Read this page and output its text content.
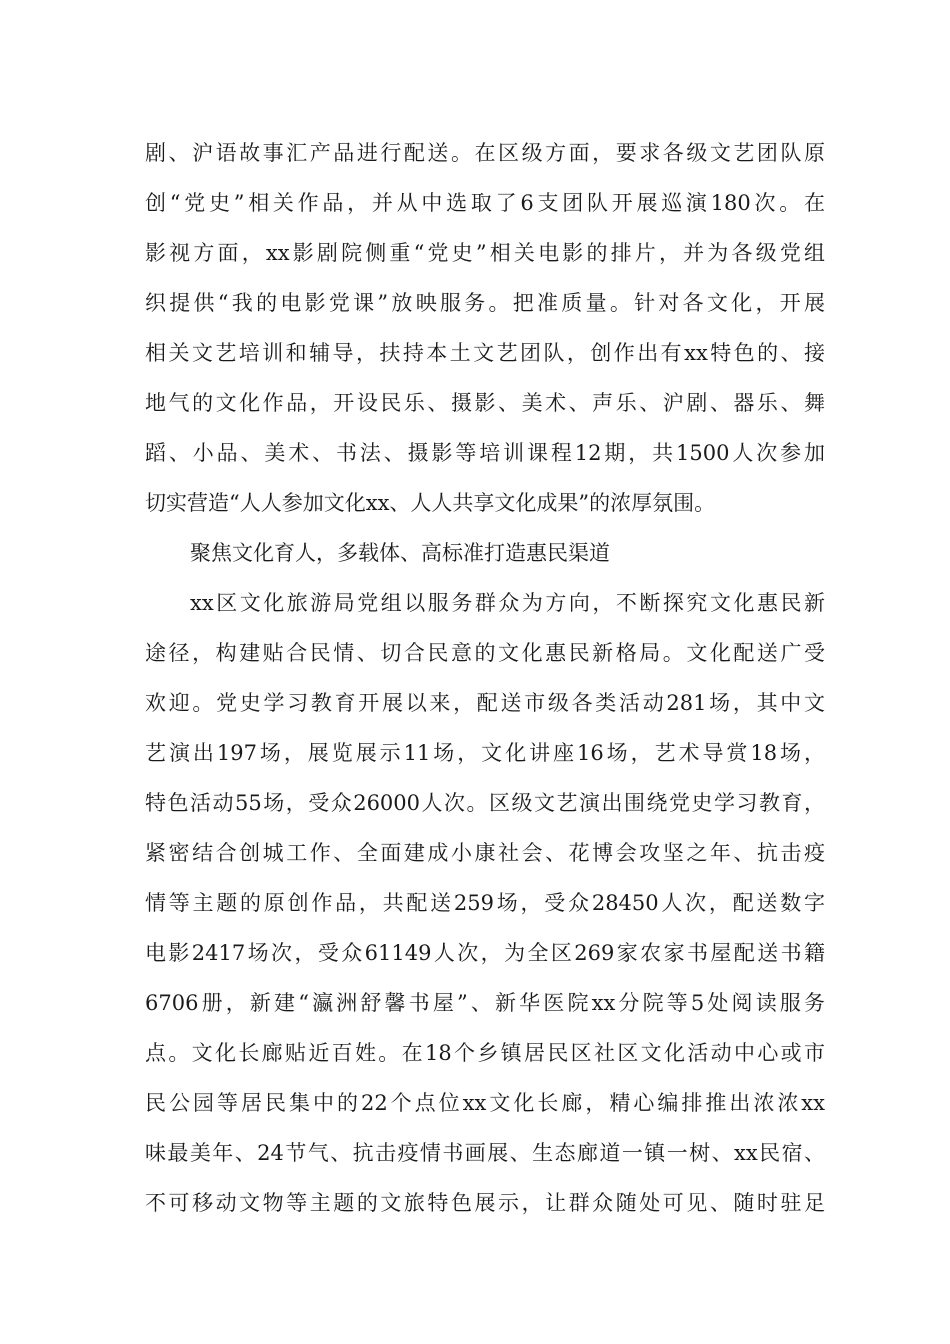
剧、沪语故事汇产品进行配送。在区级方面，要求各级文艺团队原
创“党史”相关作品，并从中选取了6支团队开展巡演180次。在
影视方面，xx影剧院侧重“党史”相关电影的排片，并为各级党组
织提供“我的电影党课”放映服务。把准质量。针对各文化，开展
相关文艺培训和辅导，扶持本土文艺团队，创作出有xx特色的、接
地气的文化作品，开设民乐、摄影、美术、声乐、沪剧、器乐、舞
蹈、小品、美术、书法、摄影等培训课程12期，共1500人次参加
切实营造“人人参加文化xx、人人共享文化成果”的浓厚氛围。
聚焦文化育人，多载体、高标准打造惠民渠道
xx区文化旅游局党组以服务群众为方向，不断探究文化惠民新
途径，构建贴合民情、切合民意的文化惠民新格局。文化配送广受
欢迎。党史学习教育开展以来，配送市级各类活动281场，其中文
艺演出197场，展览展示11场，文化讲座16场，艺术导赏18场，
特色活动55场，受众26000人次。区级文艺演出围绕党史学习教育，
紧密结合创城工作、全面建成小康社会、花博会攻坚之年、抗击疫
情等主题的原创作品，共配送259场，受众28450人次，配送数字
电影2417场次，受众61149人次，为全区269家农家书屋配送书籍
6706册，新建“瀛洲舒馨书屋”、新华医院xx分院等5处阅读服务
点。文化长廊贴近百姓。在18个乡镇居民区社区文化活动中心或市
民公园等居民集中的22个点位xx文化长廊，精心编排推出浓浓xx
味最美年、24节气、抗击疫情书画展、生态廊道一镇一树、xx民宿、
不可移动文物等主题的文旅特色展示，让群众随处可见、随时驻足
